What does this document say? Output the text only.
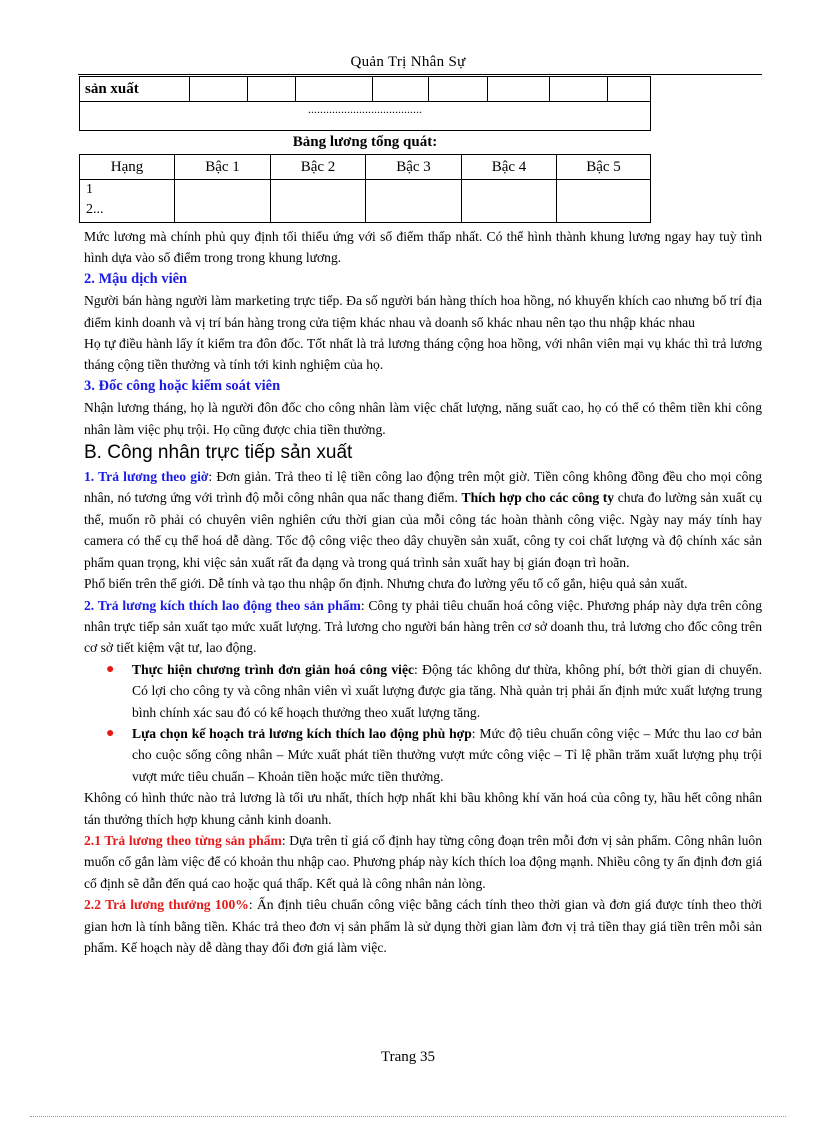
Quản Trị Nhân Sự
sản xuất								
......................................
Bảng lương tổng quát:
Hạng	Bậc 1	Bậc 2	Bậc 3	Bậc 4	Bậc 5

1
2...					

Mức lương mà chính phủ quy định tối thiểu ứng với số điểm thấp nhất. Có thể hình thành khung lương ngay hay tuỳ tình hình dựa vào số điểm trong trong khung lương.

2. Mậu dịch viên

Người bán hàng người làm marketing trực tiếp. Đa số người bán hàng thích hoa hồng, nó khuyến khích cao nhưng bố trí địa điểm kinh doanh và vị trí bán hàng trong cửa tiệm khác nhau và doanh số khác nhau nên tạo thu nhập khác nhau

Họ tự điều hành lấy ít kiểm tra đôn đốc. Tốt nhất là trả lương tháng cộng hoa hồng, với nhân viên mại vụ khác thì trả lương tháng cộng tiền thưởng và tính tới kinh nghiệm của họ.

3. Đốc công hoặc kiểm soát viên

Nhận lương tháng, họ là người đôn đốc cho công nhân làm việc chất lượng, năng suất cao, họ có thể có thêm tiền khi công nhân làm việc phụ trội. Họ cũng được chia tiền thưởng.

B. Công nhân trực tiếp sản xuất

1. Trả lương theo giờ: Đơn giản. Trả theo tỉ lệ tiền công lao động trên một giờ. Tiền công không đồng đều cho mọi công nhân, nó tương ứng với trình độ mỗi công nhân qua nấc thang điểm. Thích hợp cho các công ty chưa đo lường sản xuất cụ thể, muốn rõ phải có chuyên viên nghiên cứu thời gian của mỗi công tác hoàn thành công việc. Ngày nay máy tính hay camera có thể cụ thể hoá dễ dàng. Tốc độ công việc theo dây chuyền sản xuất, công ty coi chất lượng và độ chính xác sản phẩm quan trọng, khi việc sản xuất rất đa dạng và trong quá trình sản xuất hay bị gián đoạn trì hoãn.

Phổ biến trên thế giới. Dễ tính và tạo thu nhập ổn định. Nhưng chưa đo lường yếu tố cố gắn, hiệu quả sản xuất.

2. Trả lương kích thích lao động theo sản phẩm: Công ty phải tiêu chuẩn hoá công việc. Phương pháp này dựa trên công nhân trực tiếp sản xuất tạo mức xuất lượng. Trả lương cho người bán hàng trên cơ sở doanh thu, trả lương cho đốc công trên cơ sở tiết kiệm vật tư, lao động.

● Thực hiện chương trình đơn giản hoá công việc: Động tác không dư thừa, không phí, bớt thời gian di chuyển. Có lợi cho công ty và công nhân viên vì xuất lượng được gia tăng. Nhà quản trị phải ấn định mức xuất lượng trung bình chính xác sau đó có kế hoạch thưởng theo xuất lượng tăng.
● Lựa chọn kế hoạch trả lương kích thích lao động phù hợp: Mức độ tiêu chuẩn công việc – Mức thu lao cơ bản cho cuộc sống công nhân – Mức xuất phát tiền thưởng vượt mức công việc – Tỉ lệ phần trăm xuất lượng phụ trội vượt mức tiêu chuẩn – Khoản tiền hoặc mức tiền thưởng.

Không có hình thức nào trả lương là tối ưu nhất, thích hợp nhất khi bầu không khí văn hoá của công ty, hầu hết công nhân tán thưởng thích hợp khung cảnh kinh doanh.

2.1 Trả lương theo từng sản phẩm: Dựa trên tỉ giá cố định hay từng công đoạn trên mỗi đơn vị sản phẩm. Công nhân luôn muốn cố gắn làm việc để có khoản thu nhập cao. Phương pháp này kích thích loa động mạnh. Nhiều công ty ấn định đơn giá cố định sẽ dẫn đến quá cao hoặc quá thấp. Kết quả là công nhân nản lòng.

2.2 Trả lương thưởng 100%: Ấn định tiêu chuẩn công việc bằng cách tính theo thời gian và đơn giá được tính theo thời gian hơn là tính bằng tiền. Khác trả theo đơn vị sản phẩm là sử dụng thời gian làm đơn vị trả tiền thay giá tiền trên mỗi sản phẩm. Kế hoạch này dễ dàng thay đổi đơn giá làm việc.

Trang 35
